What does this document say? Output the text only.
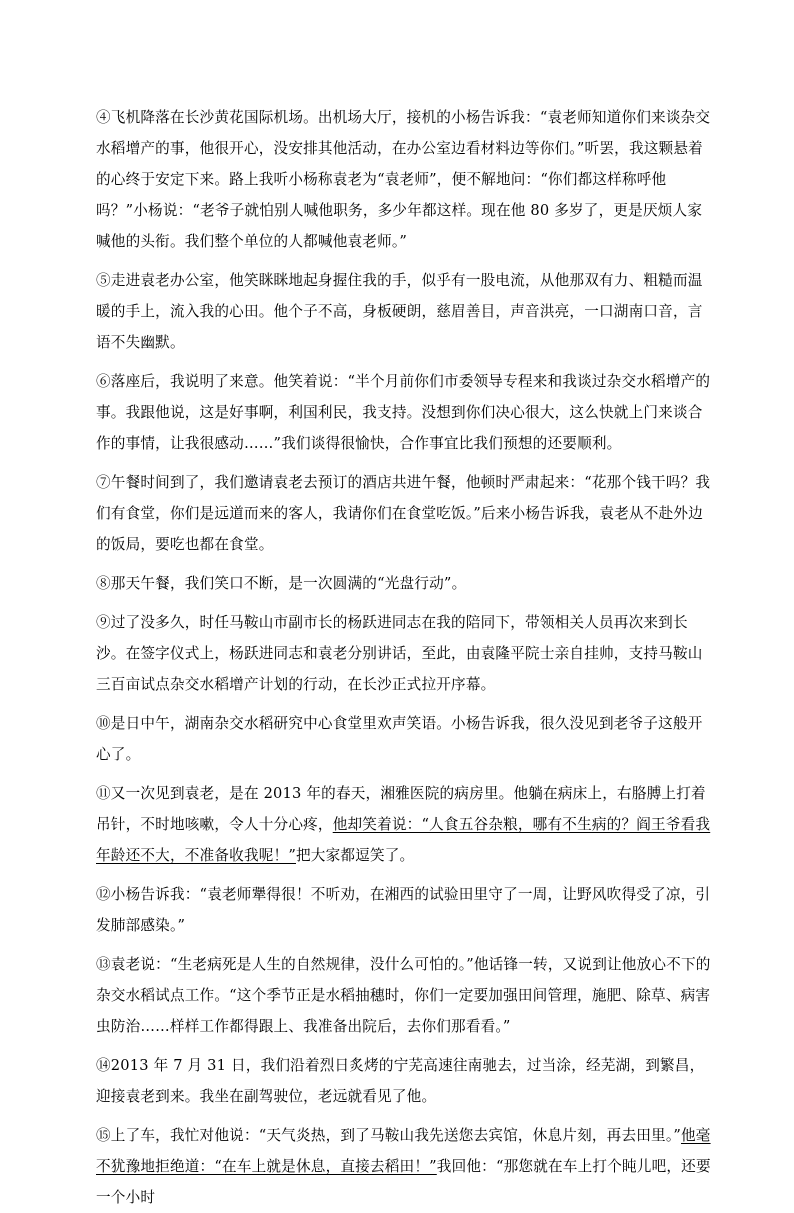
④飞机降落在长沙黄花国际机场。出机场大厅，接机的小杨告诉我：“袁老师知道你们来谈杂交水稻增产的事，他很开心，没安排其他活动，在办公室边看材料边等你们。”听罢，我这颗悬着的心终于安定下来。路上我听小杨称袁老为“袁老师”，便不解地问：“你们都这样称呼他吗？”小杨说：“老爷子就怕别人喊他职务，多少年都这样。现在他 80 多岁了，更是厌烦人家喊他的头衔。我们整个单位的人都喊他袁老师。”

⑤走进袁老办公室，他笑眯眯地起身握住我的手，似乎有一股电流，从他那双有力、粗糙而温暖的手上，流入我的心田。他个子不高，身板硬朗，慈眉善目，声音洪亮，一口湖南口音，言语不失幽默。

⑥落座后，我说明了来意。他笑着说：“半个月前你们市委领导专程来和我谈过杂交水稻增产的事。我跟他说，这是好事啊，利国利民，我支持。没想到你们决心很大，这么快就上门来谈合作的事情，让我很感动……”我们谈得很愉快，合作事宜比我们预想的还要顺利。

⑦午餐时间到了，我们邀请袁老去预订的酒店共进午餐，他顿时严肃起来：“花那个钱干吗？我们有食堂，你们是远道而来的客人，我请你们在食堂吃饭。”后来小杨告诉我，袁老从不赴外边的饭局，要吃也都在食堂。

⑧那天午餐，我们笑口不断，是一次圆满的“光盘行动”。

⑨过了没多久，时任马鞍山市副市长的杨跃进同志在我的陪同下，带领相关人员再次来到长沙。在签字仪式上，杨跃进同志和袁老分别讲话，至此，由袁隆平院士亲自挂帅，支持马鞍山三百亩试点杂交水稻增产计划的行动，在长沙正式拉开序幕。

⑩是日中午，湖南杂交水稻研究中心食堂里欢声笑语。小杨告诉我，很久没见到老爷子这般开心了。

⑪又一次见到袁老，是在 2013 年的春天，湘雅医院的病房里。他躺在病床上，右胳膊上打着吊针，不时地咳嗽，令人十分心疼，他却笑着说：“人食五谷杂粮，哪有不生病的？阎王爷看我年龄还不大，不准备收我呢！”把大家都逗笑了。

⑫小杨告诉我：“袁老师犟得很！不听劝，在湘西的试验田里守了一周，让野风吹得受了凉，引发肺部感染。”

⑬袁老说：“生老病死是人生的自然规律，没什么可怕的。”他话锋一转，又说到让他放心不下的杂交水稻试点工作。“这个季节正是水稻抽穗时，你们一定要加强田间管理，施肥、除草、病害虫防治……样样工作都得跟上、我准备出院后，去你们那看看。”

⑭2013 年 7 月 31 日，我们沿着烈日炙烤的宁芜高速往南驰去，过当涂，经芜湖，到繁昌，迎接袁老到来。我坐在副驾驶位，老远就看见了他。

⑮上了车，我忙对他说：“天气炎热，到了马鞍山我先送您去宾馆，休息片刻，再去田里。”他毫不犹豫地拒绝道：“在车上就是休息，直接去稻田！”我回他：“那您就在车上打个盹儿吧，还要一个小时
